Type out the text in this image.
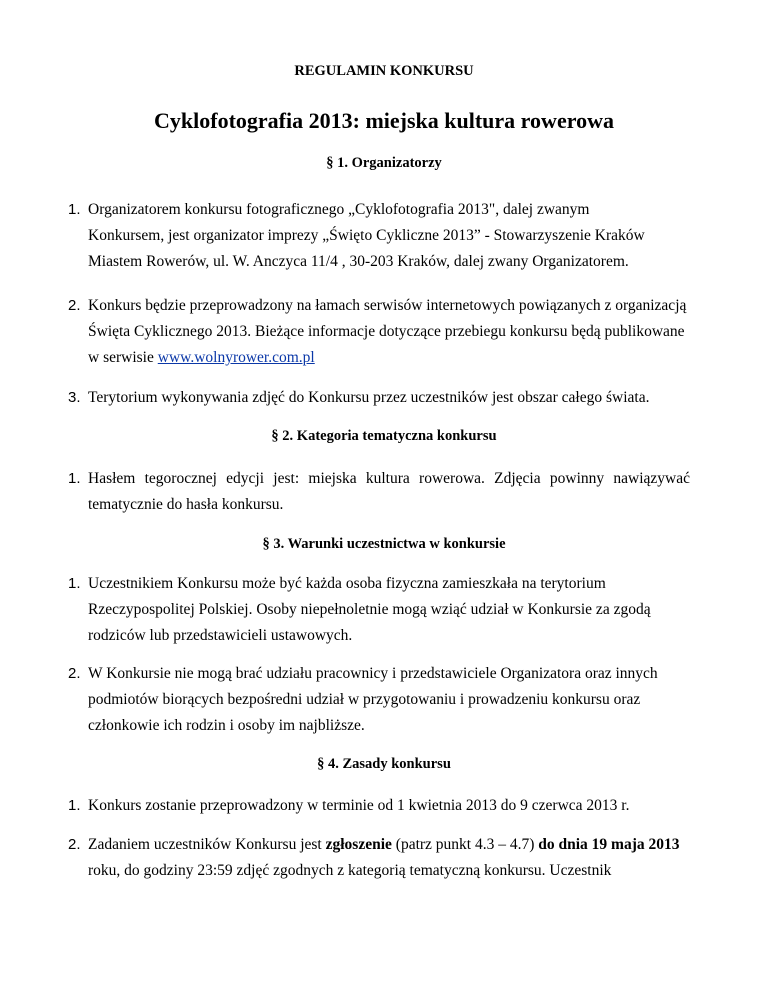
REGULAMIN KONKURSU
Cyklofotografia 2013: miejska kultura rowerowa
§ 1. Organizatorzy
1. Organizatorem konkursu fotograficznego „Cyklofotografia 2013", dalej zwanym Konkursem, jest organizator imprezy „Święto Cykliczne 2013” - Stowarzyszenie Kraków Miastem Rowerów, ul. W. Anczyca 11/4 , 30-203 Kraków, dalej zwany Organizatorem.
2. Konkurs będzie przeprowadzony na łamach serwisów internetowych powiązanych z organizacją Święta Cyklicznego 2013. Bieżące informacje dotyczące przebiegu konkursu będą publikowane w serwisie www.wolnyrower.com.pl
3. Terytorium wykonywania zdjęć do Konkursu przez uczestników jest obszar całego świata.
§ 2. Kategoria tematyczna konkursu
1. Hasłem tegorocznej edycji jest: miejska kultura rowerowa. Zdjęcia powinny nawiązywać tematycznie do hasła konkursu.
§ 3. Warunki uczestnictwa w konkursie
1. Uczestnikiem Konkursu może być każda osoba fizyczna zamieszkała na terytorium Rzeczypospolitej Polskiej. Osoby niepełnoletnie mogą wziąć udział w Konkursie za zgodą rodziców lub przedstawicieli ustawowych.
2. W Konkursie nie mogą brać udziału pracownicy i przedstawiciele Organizatora oraz innych podmiotów biorących bezpośredni udział w przygotowaniu i prowadzeniu konkursu oraz członkowie ich rodzin i osoby im najbliższe.
§ 4. Zasady konkursu
1. Konkurs zostanie przeprowadzony w terminie od 1 kwietnia 2013 do 9 czerwca 2013 r.
2. Zadaniem uczestników Konkursu jest zgłoszenie (patrz punkt 4.3 – 4.7) do dnia 19 maja 2013 roku, do godziny 23:59 zdjęć zgodnych z kategorią tematyczną konkursu. Uczestnik
